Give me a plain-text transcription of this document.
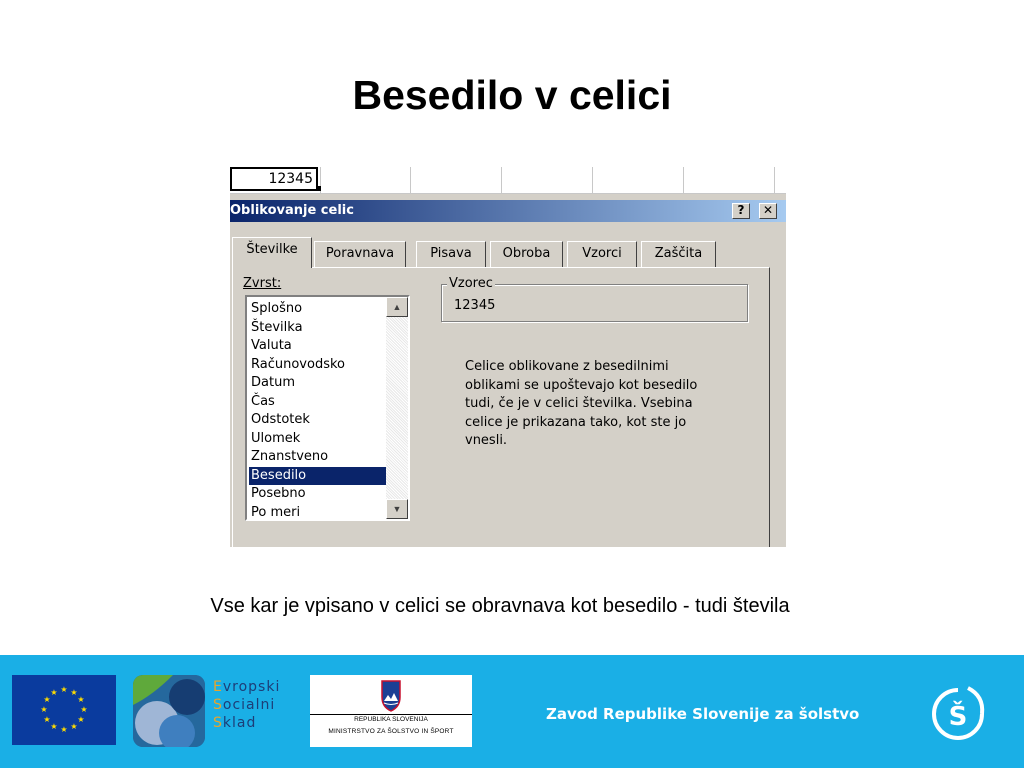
Besedilo v celici
12345
Oblikovanje celic	?	✕
Številke	Poravnava	Pisava	Obroba	Vzorci	Zaščita
Zvrst:
Splošno
Številka
Valuta
Računovodsko
Datum
Čas
Odstotek
Ulomek
Znanstveno
Besedilo
Posebno
Po meri
▲
▼
Vzorec
12345
Celice oblikovane z besedilnimi
oblikami se upoštevajo kot besedilo
tudi, če je v celici številka. Vsebina
celice je prikazana tako, kot ste jo
vnesli.
Vse kar je vpisano v celici se obravnava kot besedilo - tudi števila
★ ★
★
★
★
★
★
★
★
★
★
★	Evropski
Socialni
Sklad	REPUBLIKA SLOVENIJA
MINISTRSTVO ZA ŠOLSTVO IN ŠPORT
Zavod Republike Slovenije za šolstvo	Š
